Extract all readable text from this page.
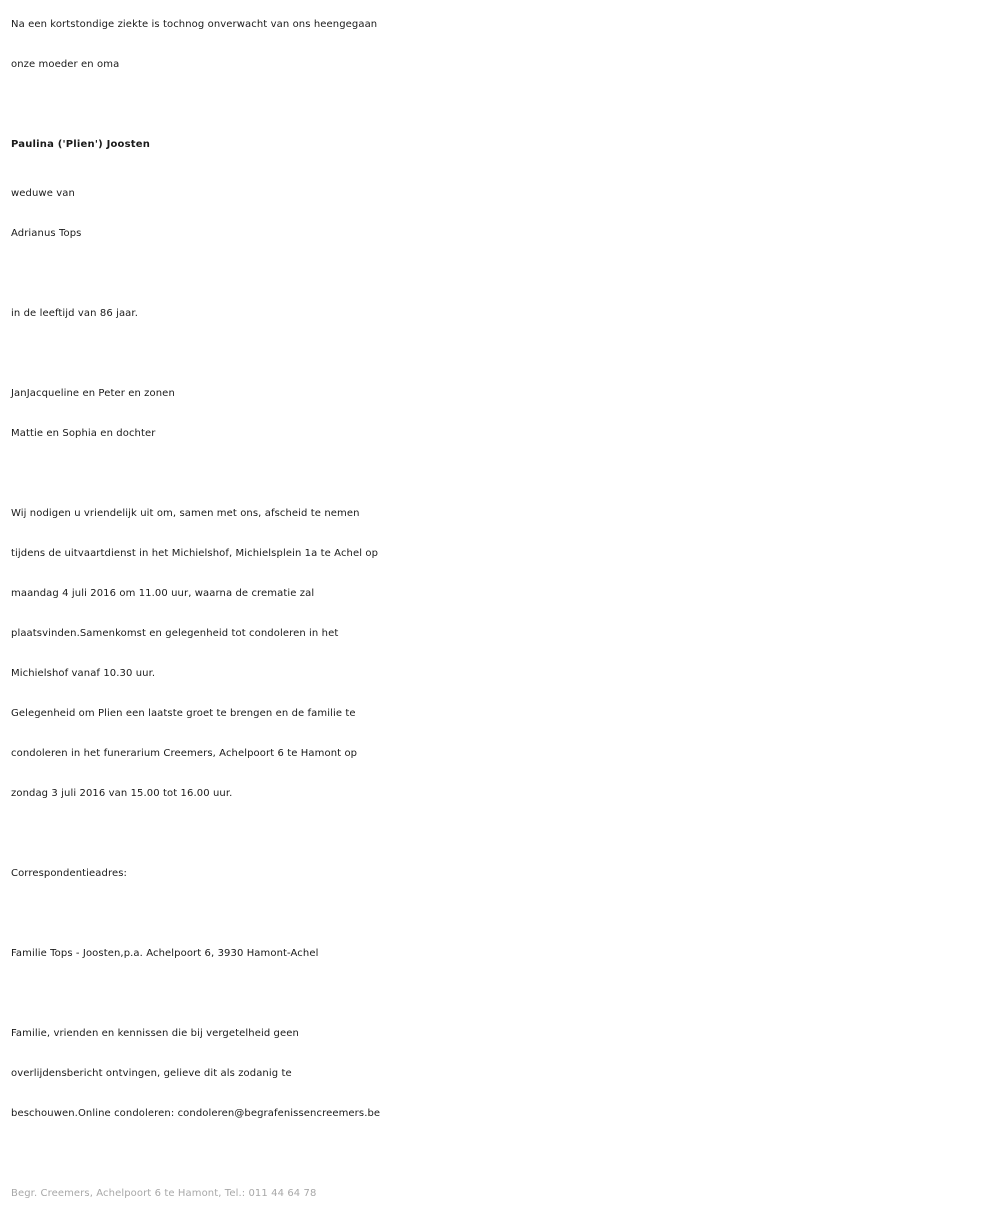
Na een kortstondige ziekte is tochnog onverwacht van ons heengegaan
onze moeder en oma
Paulina ('Plien') Joosten
weduwe van
Adrianus Tops
in de leeftijd van 86 jaar.
JanJacqueline en Peter en zonen
Mattie en Sophia en dochter
Wij nodigen u vriendelijk uit om, samen met ons, afscheid te nemen
tijdens de uitvaartdienst in het Michielshof, Michielsplein 1a te Achel op
maandag 4 juli 2016 om 11.00 uur, waarna de crematie zal
plaatsvinden.Samenkomst en gelegenheid tot condoleren in het
Michielshof vanaf 10.30 uur.
Gelegenheid om Plien een laatste groet te brengen en de familie te
condoleren in het funerarium Creemers, Achelpoort 6 te Hamont op
zondag 3 juli 2016 van 15.00 tot 16.00 uur.
Correspondentieadres:
Familie Tops - Joosten,p.a. Achelpoort 6, 3930 Hamont-Achel
Familie, vrienden en kennissen die bij vergetelheid geen
overlijdensbericht ontvingen, gelieve dit als zodanig te
beschouwen.Online condoleren: condoleren@begrafenissencreemers.be
Begr. Creemers, Achelpoort 6 te Hamont, Tel.: 011 44 64 78
